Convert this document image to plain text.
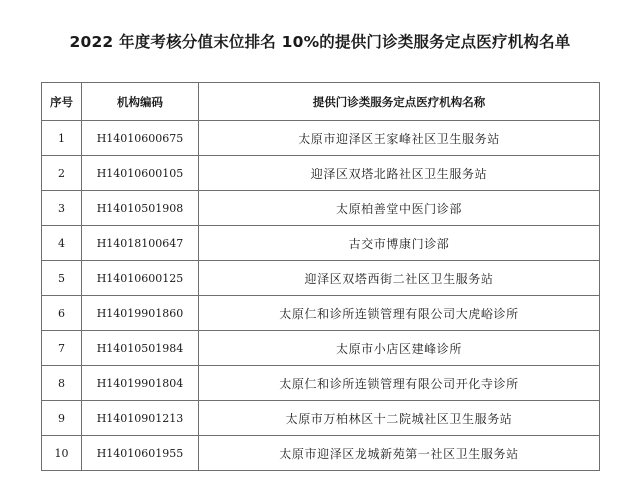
2022 年度考核分值末位排名 10%的提供门诊类服务定点医疗机构名单
序号	机构编码	提供门诊类服务定点医疗机构名称
1	H14010600675	太原市迎泽区王家峰社区卫生服务站
2	H14010600105	迎泽区双塔北路社区卫生服务站
3	H14010501908	太原柏善堂中医门诊部
4	H14018100647	古交市博康门诊部
5	H14010600125	迎泽区双塔西街二社区卫生服务站
6	H14019901860	太原仁和诊所连锁管理有限公司大虎峪诊所
7	H14010501984	太原市小店区建峰诊所
8	H14019901804	太原仁和诊所连锁管理有限公司开化寺诊所
9	H14010901213	太原市万柏林区十二院城社区卫生服务站
10	H14010601955	太原市迎泽区龙城新苑第一社区卫生服务站
